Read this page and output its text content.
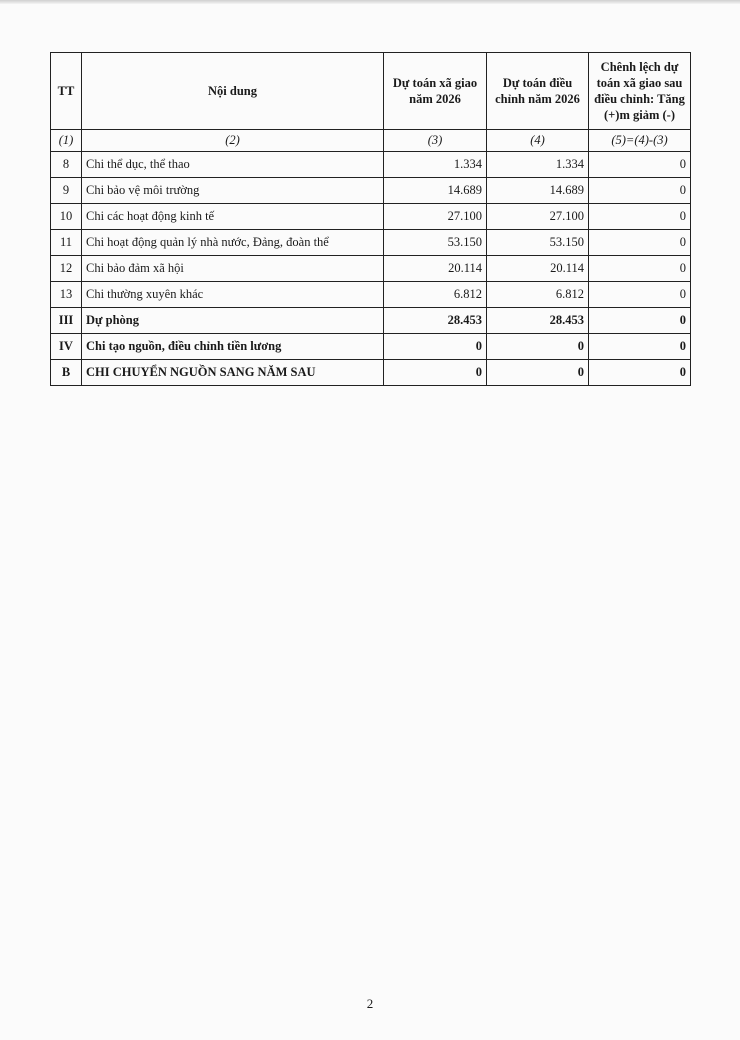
TT	Nội dung	Dự toán xã giao năm 2026	Dự toán điều chỉnh năm 2026	Chênh lệch dự toán xã giao sau điều chỉnh: Tăng (+)m giảm (-)
(1)	(2)	(3)	(4)	(5)=(4)-(3)
8	Chi thể dục, thể thao	1.334	1.334	0
9	Chi bảo vệ môi trường	14.689	14.689	0
10	Chi các hoạt động kinh tế	27.100	27.100	0
11	Chi hoạt động quản lý nhà nước, Đảng, đoàn thể	53.150	53.150	0
12	Chi bảo đảm xã hội	20.114	20.114	0
13	Chi thường xuyên khác	6.812	6.812	0
III	Dự phòng	28.453	28.453	0
IV	Chi tạo nguồn, điều chỉnh tiền lương	0	0	0
B	CHI CHUYỂN NGUỒN SANG NĂM SAU	0	0	0
2
